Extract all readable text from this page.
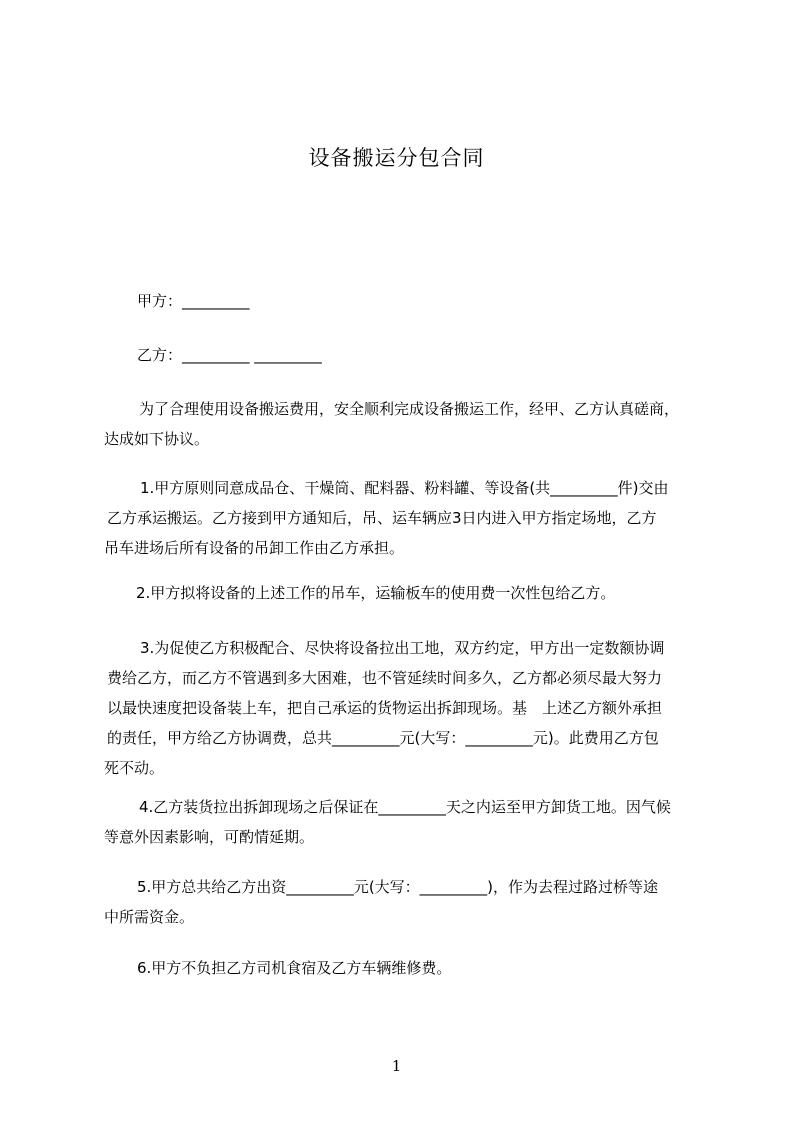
设备搬运分包合同
甲方：_________
乙方：_________ _________
为了合理使用设备搬运费用，安全顺利完成设备搬运工作，经甲、乙方认真磋商，
达成如下协议。
1.甲方原则同意成品仓、干燥筒、配料器、粉料罐、等设备(共_________件)交由
乙方承运搬运。乙方接到甲方通知后，吊、运车辆应3日内进入甲方指定场地，乙方
吊车进场后所有设备的吊卸工作由乙方承担。
2.甲方拟将设备的上述工作的吊车，运输板车的使用费一次性包给乙方。
3.为促使乙方积极配合、尽快将设备拉出工地，双方约定，甲方出一定数额协调
费给乙方，而乙方不管遇到多大困难，也不管延续时间多久，乙方都必须尽最大努力
以最快速度把设备装上车，把自己承运的货物运出拆卸现场。基　上述乙方额外承担
的责任，甲方给乙方协调费，总共_________元(大写：_________元)。此费用乙方包
死不动。
4.乙方装货拉出拆卸现场之后保证在_________天之内运至甲方卸货工地。因气候
等意外因素影响，可酌情延期。
5.甲方总共给乙方出资_________元(大写：_________)，作为去程过路过桥等途
中所需资金。
6.甲方不负担乙方司机食宿及乙方车辆维修费。
1
